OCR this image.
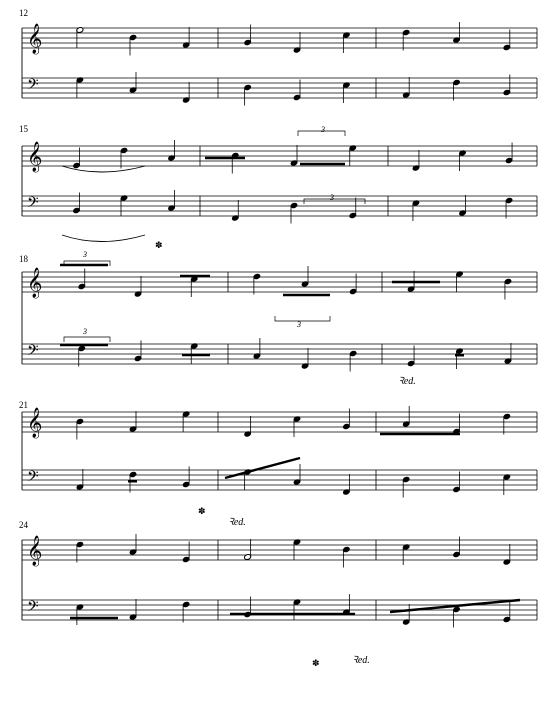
12
15	3
3
✽
18	3
3
3
Ꝛed.
21
✽
Ꝛed.
24
✽	Ꝛed.
𝄞
𝄢
𝄞
𝄢
𝄞
𝄢
𝄞
𝄢
𝄞
𝄢
